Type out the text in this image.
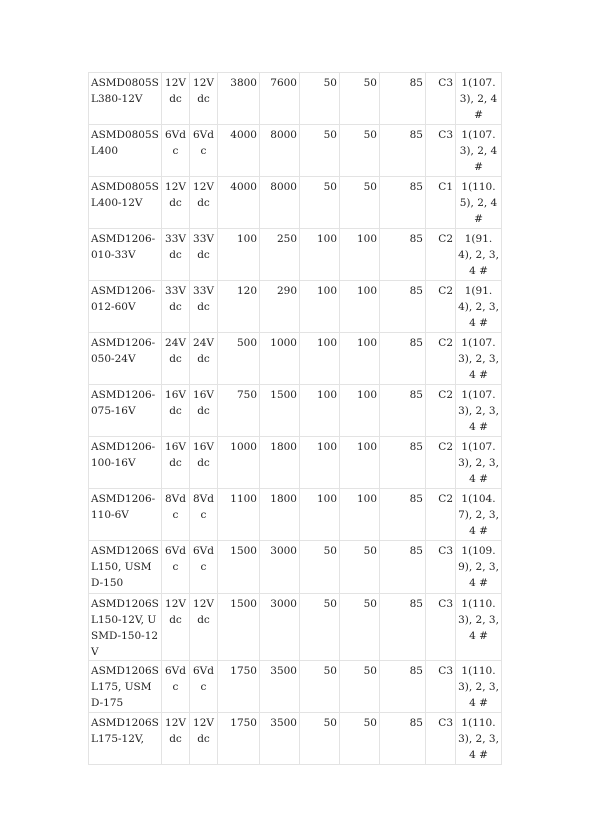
ASMD0805SL380-12V	12Vdc	12Vdc	3800	7600	50	50	85	C3	1(107.3), 2, 4 #
ASMD0805SL400	6Vdc	6Vdc	4000	8000	50	50	85	C3	1(107.3), 2, 4 #
ASMD0805SL400-12V	12Vdc	12Vdc	4000	8000	50	50	85	C1	1(110.5), 2, 4 #
ASMD1206-010-33V	33Vdc	33Vdc	100	250	100	100	85	C2	1(91.4), 2, 3, 4 #
ASMD1206-012-60V	33Vdc	33Vdc	120	290	100	100	85	C2	1(91.4), 2, 3, 4 #
ASMD1206-050-24V	24Vdc	24Vdc	500	1000	100	100	85	C2	1(107.3), 2, 3, 4 #
ASMD1206-075-16V	16Vdc	16Vdc	750	1500	100	100	85	C2	1(107.3), 2, 3, 4 #
ASMD1206-100-16V	16Vdc	16Vdc	1000	1800	100	100	85	C2	1(107.3), 2, 3, 4 #
ASMD1206-110-6V	8Vdc	8Vdc	1100	1800	100	100	85	C2	1(104.7), 2, 3, 4 #
ASMD1206SL150, USMD-150	6Vdc	6Vdc	1500	3000	50	50	85	C3	1(109.9), 2, 3, 4 #
ASMD1206SL150-12V, USMD-150-12V	12Vdc	12Vdc	1500	3000	50	50	85	C3	1(110.3), 2, 3, 4 #
ASMD1206SL175, USMD-175	6Vdc	6Vdc	1750	3500	50	50	85	C3	1(110.3), 2, 3, 4 #
ASMD1206SL175-12V,	12Vdc	12Vdc	1750	3500	50	50	85	C3	1(110.3), 2, 3, 4 #
